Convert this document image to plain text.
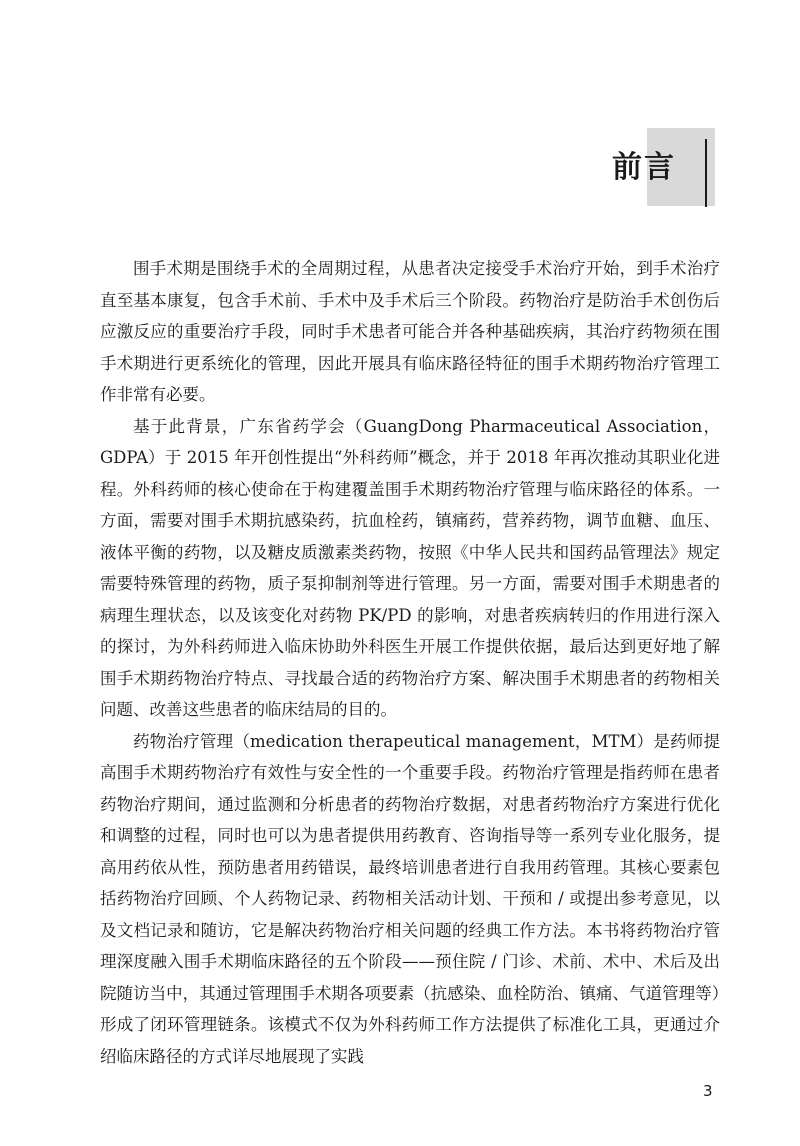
前言

围手术期是围绕手术的全周期过程，从患者决定接受手术治疗开始，到手术治疗直至基本康复，包含手术前、手术中及手术后三个阶段。药物治疗是防治手术创伤后应激反应的重要治疗手段，同时手术患者可能合并各种基础疾病，其治疗药物须在围手术期进行更系统化的管理，因此开展具有临床路径特征的围手术期药物治疗管理工作非常有必要。

基于此背景，广东省药学会（GuangDong Pharmaceutical Association，GDPA）于 2015 年开创性提出“外科药师”概念，并于 2018 年再次推动其职业化进程。外科药师的核心使命在于构建覆盖围手术期药物治疗管理与临床路径的体系。一方面，需要对围手术期抗感染药，抗血栓药，镇痛药，营养药物，调节血糖、血压、液体平衡的药物，以及糖皮质激素类药物，按照《中华人民共和国药品管理法》规定需要特殊管理的药物，质子泵抑制剂等进行管理。另一方面，需要对围手术期患者的病理生理状态，以及该变化对药物 PK/PD 的影响，对患者疾病转归的作用进行深入的探讨，为外科药师进入临床协助外科医生开展工作提供依据，最后达到更好地了解围手术期药物治疗特点、寻找最合适的药物治疗方案、解决围手术期患者的药物相关问题、改善这些患者的临床结局的目的。

药物治疗管理（medication therapeutical management，MTM）是药师提高围手术期药物治疗有效性与安全性的一个重要手段。药物治疗管理是指药师在患者药物治疗期间，通过监测和分析患者的药物治疗数据，对患者药物治疗方案进行优化和调整的过程，同时也可以为患者提供用药教育、咨询指导等一系列专业化服务，提高用药依从性，预防患者用药错误，最终培训患者进行自我用药管理。其核心要素包括药物治疗回顾、个人药物记录、药物相关活动计划、干预和 / 或提出参考意见，以及文档记录和随访，它是解决药物治疗相关问题的经典工作方法。本书将药物治疗管理深度融入围手术期临床路径的五个阶段——预住院 / 门诊、术前、术中、术后及出院随访当中，其通过管理围手术期各项要素（抗感染、血栓防治、镇痛、气道管理等）形成了闭环管理链条。该模式不仅为外科药师工作方法提供了标准化工具，更通过介绍临床路径的方式详尽地展现了实践

3
